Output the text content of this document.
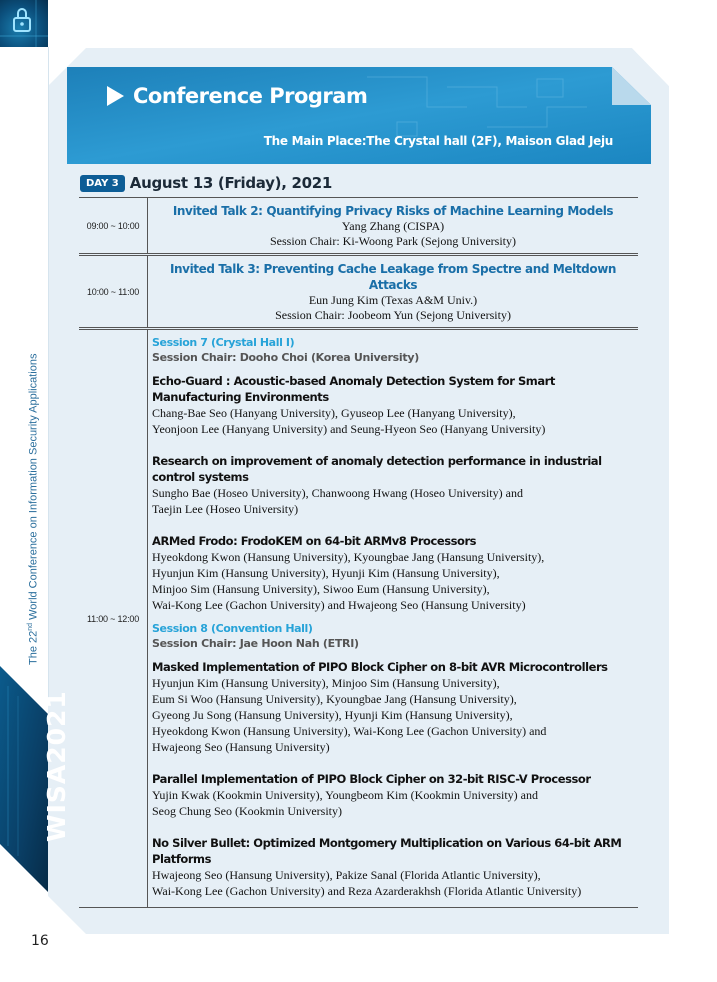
The 22nd World Conference on Information Security Applications
WISA2021
Conference Program
The Main Place:The Crystal hall (2F), Maison Glad Jeju
DAY 3 August 13 (Friday), 2021
09:00 ~ 10:00
Invited Talk 2: Quantifying Privacy Risks of Machine Learning Models
Yang Zhang (CISPA)
Session Chair: Ki-Woong Park (Sejong University)
10:00 ~ 11:00
Invited Talk 3: Preventing Cache Leakage from Spectre and Meltdown Attacks
Eun Jung Kim (Texas A&M Univ.)
Session Chair: Joobeom Yun (Sejong University)
11:00 ~ 12:00
Session 7 (Crystal Hall I)
Session Chair: Dooho Choi (Korea University)
Echo-Guard : Acoustic-based Anomaly Detection System for Smart Manufacturing Environments
Chang-Bae Seo (Hanyang University), Gyuseop Lee (Hanyang University),
Yeonjoon Lee (Hanyang University) and Seung-Hyeon Seo (Hanyang University)
Research on improvement of anomaly detection performance in industrial control systems
Sungho Bae (Hoseo University), Chanwoong Hwang (Hoseo University) and
Taejin Lee (Hoseo University)
ARMed Frodo: FrodoKEM on 64-bit ARMv8 Processors
Hyeokdong Kwon (Hansung University), Kyoungbae Jang (Hansung University),
Hyunjun Kim (Hansung University), Hyunji Kim (Hansung University),
Minjoo Sim (Hansung University), Siwoo Eum (Hansung University),
Wai-Kong Lee (Gachon University) and Hwajeong Seo (Hansung University)
Session 8 (Convention Hall)
Session Chair: Jae Hoon Nah (ETRI)
Masked Implementation of PIPO Block Cipher on 8-bit AVR Microcontrollers
Hyunjun Kim (Hansung University), Minjoo Sim (Hansung University),
Eum Si Woo (Hansung University), Kyoungbae Jang (Hansung University),
Gyeong Ju Song (Hansung University), Hyunji Kim (Hansung University),
Hyeokdong Kwon (Hansung University), Wai-Kong Lee (Gachon University) and
Hwajeong Seo (Hansung University)
Parallel Implementation of PIPO Block Cipher on 32-bit RISC-V Processor
Yujin Kwak (Kookmin University), Youngbeom Kim (Kookmin University) and
Seog Chung Seo (Kookmin University)
No Silver Bullet: Optimized Montgomery Multiplication on Various 64-bit ARM Platforms
Hwajeong Seo (Hansung University), Pakize Sanal (Florida Atlantic University),
Wai-Kong Lee (Gachon University) and Reza Azarderakhsh (Florida Atlantic University)
16
